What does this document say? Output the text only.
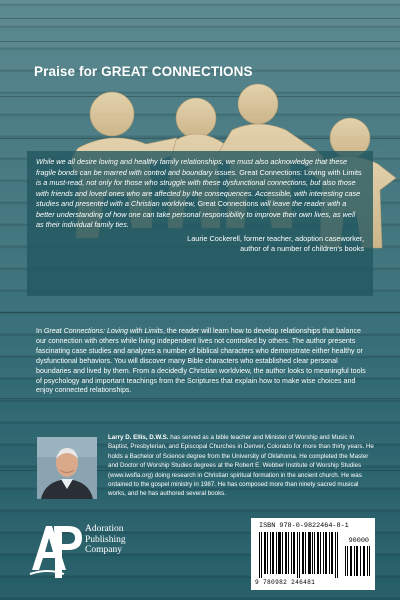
Praise for GREAT CONNECTIONS

While we all desire loving and healthy family relationships, we must also acknowledge that these fragile bonds can be marred with control and boundary issues. Great Connections: Loving with Limits is a must-read, not only for those who struggle with these dysfunctional connections, but also those with friends and loved ones who are affected by the consequences. Accessible, with interesting case studies and presented with a Christian worldview, Great Connections will leave the reader with a better understanding of how one can take personal responsibility to improve their own lives, as well as their individual family ties.

Laurie Cockerell, former teacher, adoption caseworker,
author of a number of children's books

In Great Connections: Loving with Limits, the reader will learn how to develop relationships that balance our connection with others while living independent lives not controlled by others. The author presents fascinating case studies and analyzes a number of biblical characters who demonstrate either healthy or dysfunctional behaviors. You will discover many Bible characters who established clear personal boundaries and lived by them. From a decidedly Christian worldview, the author looks to meaningful tools of psychology and important teachings from the Scriptures that explain how to make wise choices and enjoy connected relationships.

Larry D. Ellis, D.W.S. has served as a bible teacher and Minister of Worship and Music in Baptist, Presbyterian, and Episcopal Churches in Denver, Colorado for more than thirty years. He holds a Bachelor of Science degree from the University of Oklahoma. He completed the Master and Doctor of Worship Studies degrees at the Robert E. Webber Institute of Worship Studies (www.iwsfla.org) doing research in Christian spiritual formation in the ancient church. He was ordained to the gospel ministry in 1987. He has composed more than ninety sacred musical works, and he has authored several books.

Adoration
Publishing
Company

ISBN 978-0-9822464-8-1
90000
9 780982 246481
